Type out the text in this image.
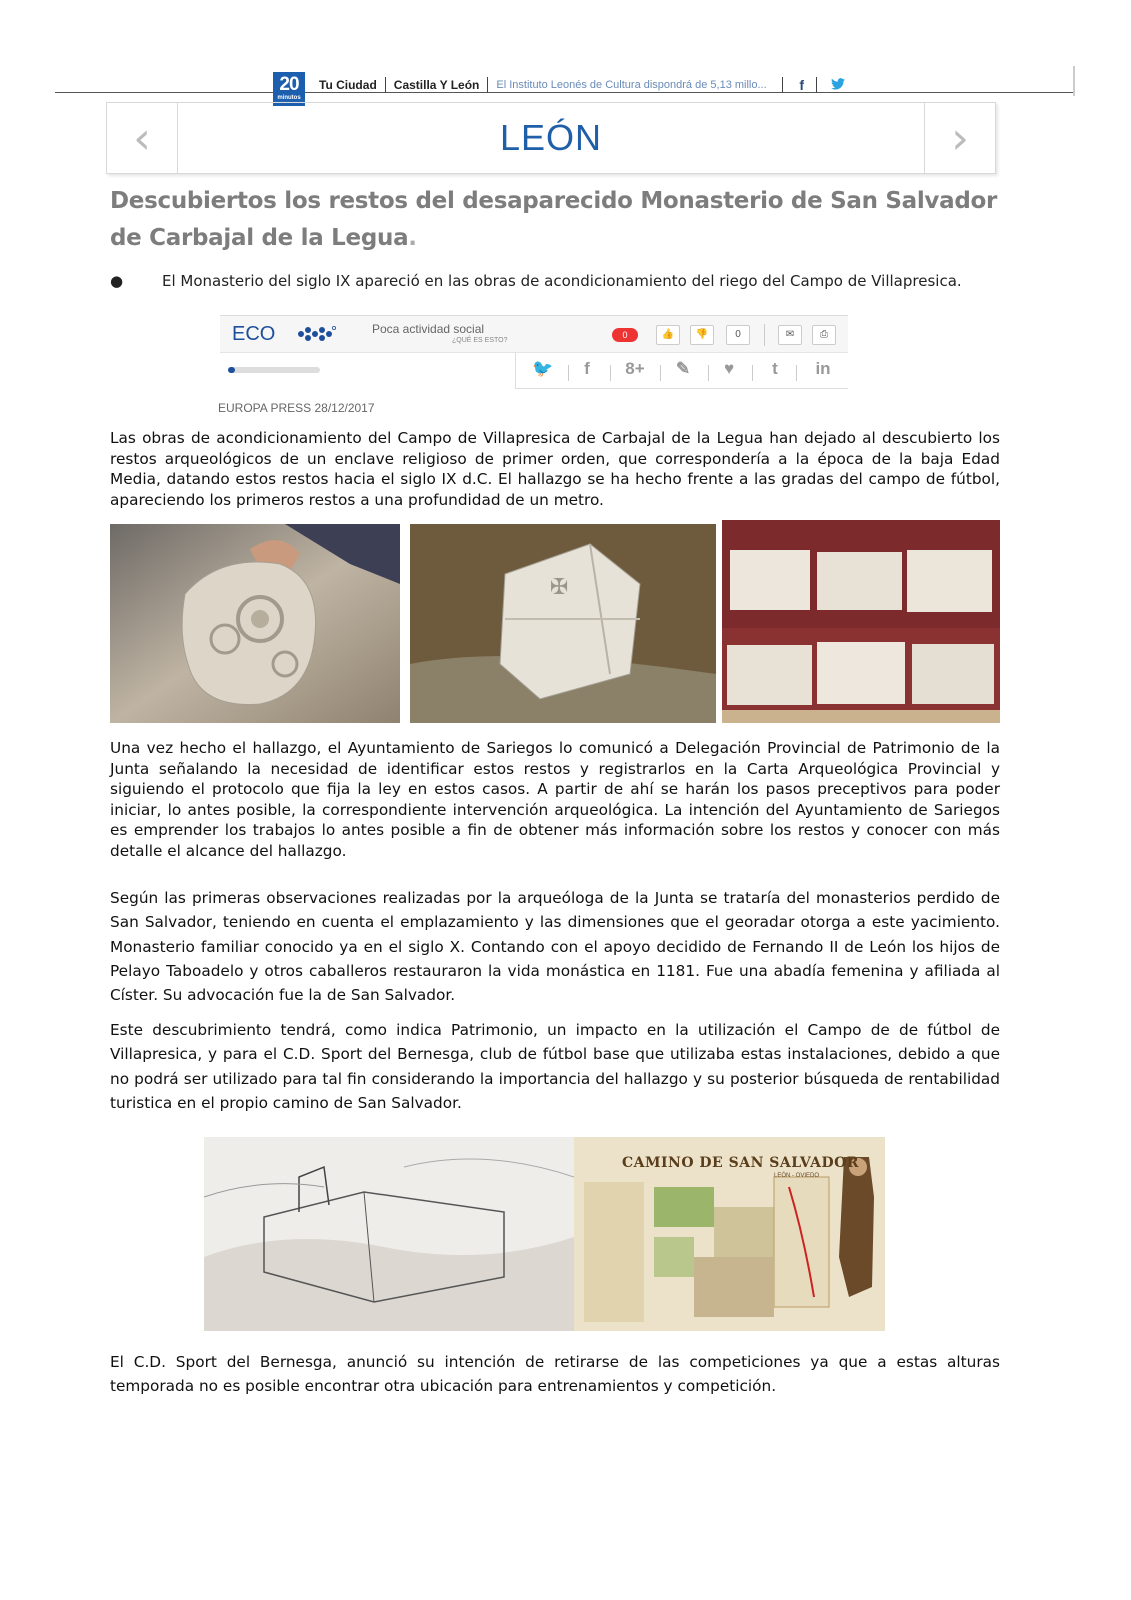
20
minutos
Tu Ciudad Castilla Y León El Instituto Leonés de Cultura dispondrá de 5,13 millo...	f
‹	LEÓN	›
Descubiertos los restos del desaparecido Monasterio de San Salvador de Carbajal de la Legua.
●	El Monasterio del siglo IX apareció en las obras de acondicionamiento del riego del Campo de Villapresica.
ECO	Poca actividad social
¿QUÉ ES ESTO?
0	👍	👎	0	✉	⎙
🐦	f	8+	✎	♥	t	in
EUROPA PRESS 28/12/2017
Las obras de acondicionamiento del Campo de Villapresica de Carbajal de la Legua han dejado al descubierto los restos arqueológicos de un enclave religioso de primer orden, que correspondería a la época de la baja Edad Media, datando estos restos hacia el siglo IX d.C. El hallazgo se ha hecho frente a las gradas del campo de fútbol, apareciendo los primeros restos a una profundidad de un metro.
✠
Una vez hecho el hallazgo, el Ayuntamiento de Sariegos lo comunicó a Delegación Provincial de Patrimonio de la Junta señalando la necesidad de identificar estos restos y registrarlos en la Carta Arqueológica Provincial y siguiendo el protocolo que fija la ley en estos casos. A partir de ahí se harán los pasos preceptivos para poder iniciar, lo antes posible, la correspondiente intervención arqueológica. La intención del Ayuntamiento de Sariegos es emprender los trabajos lo antes posible a fin de obtener más información sobre los restos y conocer con más detalle el alcance del hallazgo.
Según las primeras observaciones realizadas por la arqueóloga de la Junta se trataría del monasterios perdido de San Salvador, teniendo en cuenta el emplazamiento y las dimensiones que el georadar otorga a este yacimiento. Monasterio familiar conocido ya en el siglo X. Contando con el apoyo decidido de Fernando II de León los hijos de Pelayo Taboadelo y otros caballeros restauraron la vida monástica en 1181. Fue una abadía femenina y afiliada al Císter. Su advocación fue la de San Salvador.
Este descubrimiento tendrá, como indica Patrimonio, un impacto en la utilización el Campo de de fútbol de Villapresica, y para el C.D. Sport del Bernesga, club de fútbol base que utilizaba estas instalaciones, debido a que no podrá ser utilizado para tal fin considerando la importancia del hallazgo y su posterior búsqueda de rentabilidad turistica en el propio camino de San Salvador.
CAMINO DE SAN SALVADOR
LEÓN - OVIEDO
El C.D. Sport del Bernesga, anunció su intención de retirarse de las competiciones ya que a estas alturas temporada no es posible encontrar otra ubicación para entrenamientos y competición.
